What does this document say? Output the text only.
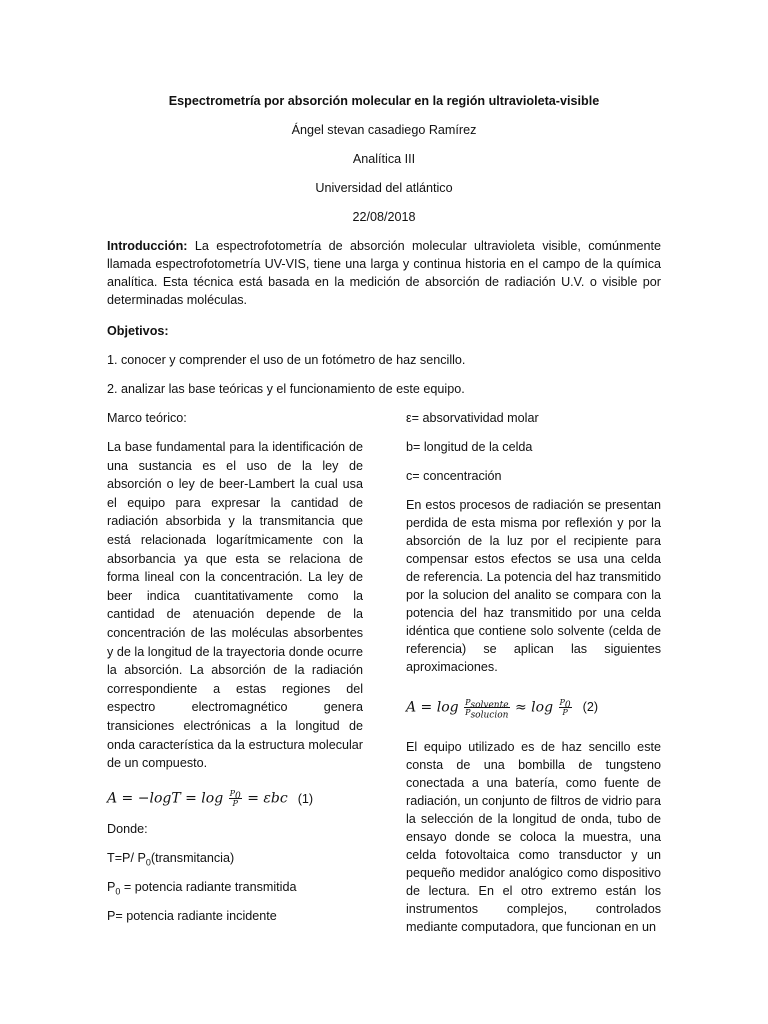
Espectrometría por absorción molecular en la región ultravioleta-visible
Ángel stevan casadiego Ramírez
Analítica III
Universidad del atlántico
22/08/2018
Introducción: La espectrofotometría de absorción molecular ultravioleta visible, comúnmente llamada espectrofotometría UV-VIS, tiene una larga y continua historia en el campo de la química analítica. Esta técnica está basada en la medición de absorción de radiación U.V. o visible por determinadas moléculas.
Objetivos:
1. conocer y comprender el uso de un fotómetro de haz sencillo.
2. analizar las base teóricas y el funcionamiento de este equipo.

Marco teórico:

La base fundamental para la identificación de una sustancia es el uso de la ley de absorción o ley de beer-Lambert la cual usa el equipo para expresar la cantidad de radiación absorbida y la transmitancia que está relacionada logarítmicamente con la absorbancia ya que esta se relaciona de forma lineal con la concentración. La ley de beer indica cuantitativamente como la cantidad de atenuación depende de la concentración de las moléculas absorbentes y de la longitud de la trayectoria donde ocurre la absorción. La absorción de la radiación correspondiente a estas regiones del espectro electromagnético genera transiciones electrónicas a la longitud de onda característica da la estructura molecular de un compuesto.

$A = -\log T = \log \frac{P_0}{P} = \varepsilon bc$ (1)

Donde:

T=P/ $P_0(transmitancia)$

$P_0$ = potencia radiante transmitida

P= potencia radiante incidente

ε= absorvatividad molar

b= longitud de la celda

c= concentración

En estos procesos de radiación se presentan perdida de esta misma por reflexión y por la absorción de la luz por el recipiente para compensar estos efectos se usa una celda de referencia. La potencia del haz transmitido por la solucion del analito se compara con la potencia del haz transmitido por una celda idéntica que contiene solo solvente (celda de referencia) se aplican las siguientes aproximaciones.

$A = \log \frac{P_{solvente}}{P_{solucion}} \approx \log \frac{P_0}{P} (2)$

El equipo utilizado es de haz sencillo este consta de una bombilla de tungsteno conectada a una batería, como fuente de radiación, un conjunto de filtros de vidrio para la selección de la longitud de onda, tubo de ensayo donde se coloca la muestra, una celda fotovoltaica como transductor y un pequeño medidor analógico como dispositivo de lectura. En el otro extremo están los instrumentos complejos, controlados mediante computadora, que funcionan en un
